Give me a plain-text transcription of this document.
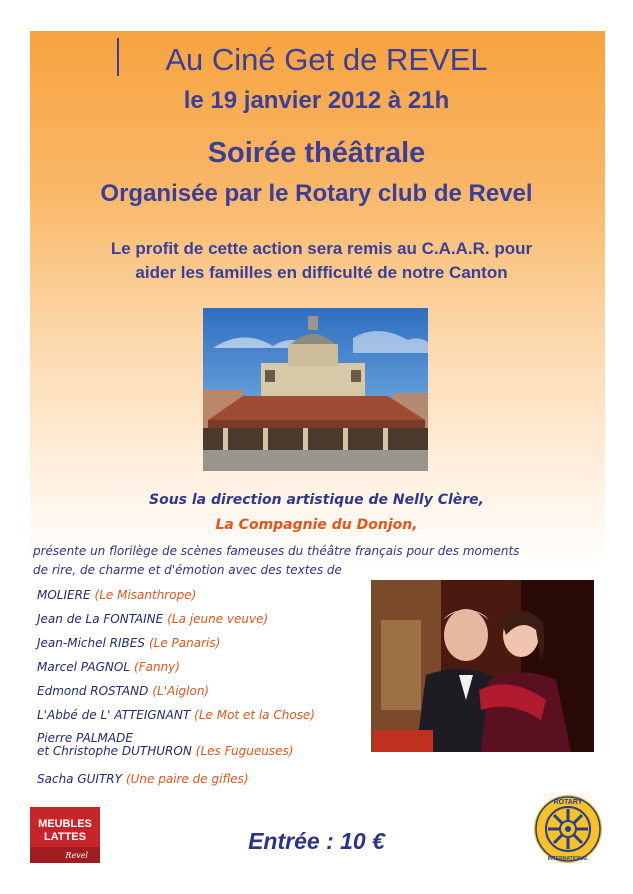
Au Ciné Get de REVEL
le 19 janvier 2012 à 21h
Soirée théâtrale
Organisée par le Rotary club de Revel
Le profit de cette action sera remis au C.A.A.R. pour
aider les familles en difficulté de notre Canton
Sous la direction artistique de Nelly Clère,
La Compagnie du Donjon,
présente un florilège de scènes fameuses du théâtre français pour des moments
de rire, de charme et d'émotion avec des textes de
MOLIERE (Le Misanthrope)
Jean de La FONTAINE (La jeune veuve)
Jean-Michel RIBES (Le Panaris)
Marcel PAGNOL (Fanny)
Edmond ROSTAND (L'Aiglon)
L'Abbé de L' ATTEIGNANT (Le Mot et la Chose)
Pierre PALMADE
et Christophe DUTHURON (Les Fugueuses)
Sacha GUITRY (Une paire de gifles)
MEUBLES
LATTES
Revel
Entrée : 10 €
ROTARY
INTERNATIONAL
